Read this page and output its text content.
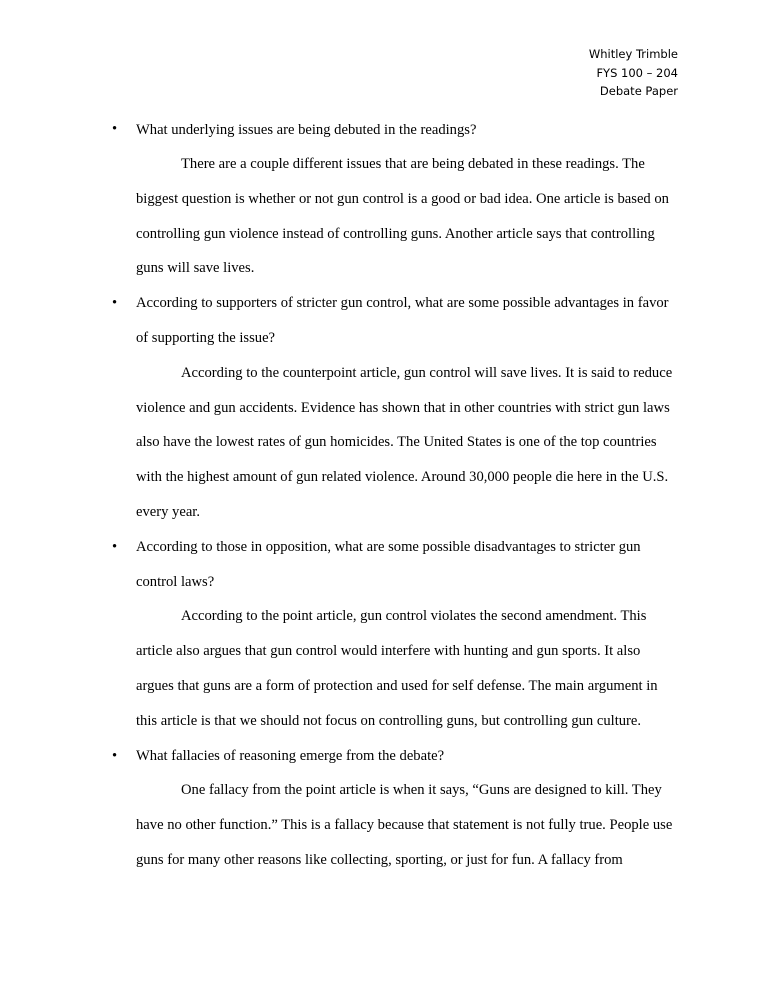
Whitley Trimble
FYS 100 – 204
Debate Paper
• What underlying issues are being debuted in the readings?

There are a couple different issues that are being debated in these readings. The biggest question is whether or not gun control is a good or bad idea. One article is based on controlling gun violence instead of controlling guns. Another article says that controlling guns will save lives.

• According to supporters of stricter gun control, what are some possible advantages in favor of supporting the issue?

According to the counterpoint article, gun control will save lives. It is said to reduce violence and gun accidents. Evidence has shown that in other countries with strict gun laws also have the lowest rates of gun homicides. The United States is one of the top countries with the highest amount of gun related violence. Around 30,000 people die here in the U.S. every year.

• According to those in opposition, what are some possible disadvantages to stricter gun control laws?

According to the point article, gun control violates the second amendment. This article also argues that gun control would interfere with hunting and gun sports. It also argues that guns are a form of protection and used for self defense. The main argument in this article is that we should not focus on controlling guns, but controlling gun culture.

• What fallacies of reasoning emerge from the debate?

One fallacy from the point article is when it says, “Guns are designed to kill. They have no other function.” This is a fallacy because that statement is not fully true. People use guns for many other reasons like collecting, sporting, or just for fun. A fallacy from
